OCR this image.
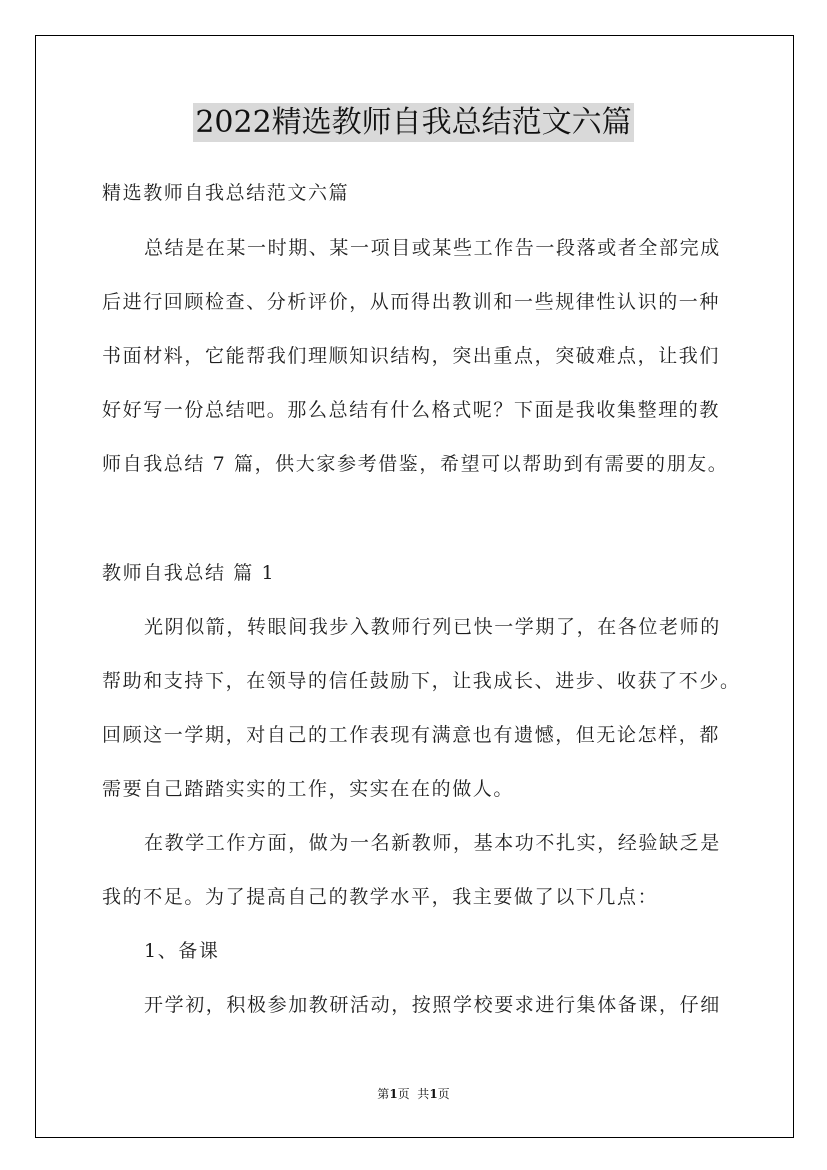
2022精选教师自我总结范文六篇
精选教师自我总结范文六篇
总结是在某一时期、某一项目或某些工作告一段落或者全部完成
后进行回顾检查、分析评价，从而得出教训和一些规律性认识的一种
书面材料，它能帮我们理顺知识结构，突出重点，突破难点，让我们
好好写一份总结吧。那么总结有什么格式呢？下面是我收集整理的教
师自我总结 7 篇，供大家参考借鉴，希望可以帮助到有需要的朋友。
教师自我总结 篇 1
光阴似箭，转眼间我步入教师行列已快一学期了，在各位老师的
帮助和支持下，在领导的信任鼓励下，让我成长、进步、收获了不少。
回顾这一学期，对自己的工作表现有满意也有遗憾，但无论怎样，都
需要自己踏踏实实的工作，实实在在的做人。
在教学工作方面，做为一名新教师，基本功不扎实，经验缺乏是
我的不足。为了提高自己的教学水平，我主要做了以下几点：
1、备课
开学初，积极参加教研活动，按照学校要求进行集体备课，仔细
第1页  共1页
